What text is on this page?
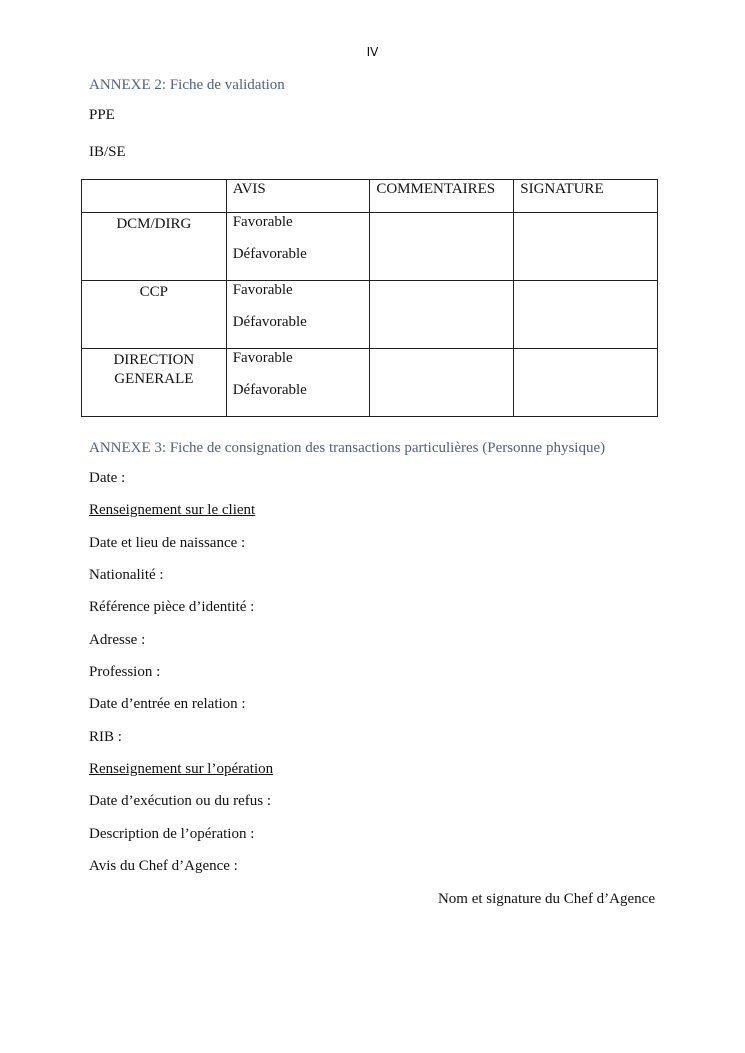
IV
ANNEXE 2: Fiche de validation
PPE
IB/SE

	AVIS	COMMENTAIRES	SIGNATURE

DCM/DIRG	Favorable
Défavorable		

CCP	Favorable
Défavorable		

DIRECTION GENERALE	Favorable
Défavorable		

ANNEXE 3: Fiche de consignation des transactions particulières (Personne physique)
Date :
Renseignement sur le client
Date et lieu de naissance :
Nationalité :
Référence pièce d’identité :
Adresse :
Profession :
Date d’entrée en relation :
RIB :
Renseignement sur l’opération
Date d’exécution ou du refus :
Description de l’opération :
Avis du Chef d’Agence :
Nom et signature du Chef d’Agence
